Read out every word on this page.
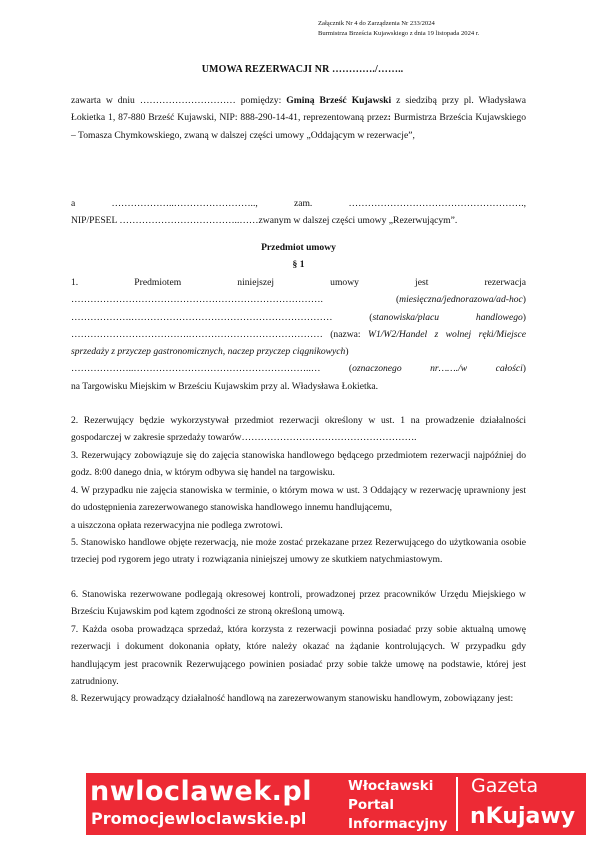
Załącznik Nr 4 do Zarządzenia Nr 233/2024
Burmistrza Brześcia Kujawskiego z dnia 19 listopada 2024 r.
UMOWA REZERWACJI NR …………./……..

zawarta w dniu ………………………… pomiędzy: Gminą Brześć Kujawski z siedzibą przy pl. Władysława Łokietka 1, 87-880 Brześć Kujawski, NIP: 888-290-14-41, reprezentowaną przez: Burmistrza Brześcia Kujawskiego – Tomasza Chymkowskiego, zwaną w dalszej części umowy „Oddającym w rezerwacje”,

a ………………..…………………….., zam. ……………………………………………….,

NIP/PESEL ………………………………..……zwanym w dalszej części umowy „Rezerwującym”.

Przedmiot umowy
§ 1

1. Predmiotem niniejszej umowy jest rezerwacja

……………………………………………………………………. (miesięczna/jednorazowa/ad-hoc)

……………….……………………………………………………… (stanowiska/placu handlowego)

……………………………….…………………………………… (nazwa: W1/W2/Handel z wolnej ręki/Miejsce sprzedaży z przyczep gastronomicznych, naczep przyczep ciągnikowych)

………………..………………………………………………..… (oznaczonego nr……./w całości)

na Targowisku Miejskim w Brześciu Kujawskim przy al. Władysława Łokietka.

2. Rezerwujący będzie wykorzystywał przedmiot rezerwacji określony w ust. 1 na prowadzenie działalności gospodarczej w zakresie sprzedaży towarów……………………………………………….

3. Rezerwujący zobowiązuje się do zajęcia stanowiska handlowego będącego przedmiotem rezerwacji najpóźniej do godz. 8:00 danego dnia, w którym odbywa się handel na targowisku.

4. W przypadku nie zajęcia stanowiska w terminie, o którym mowa w ust. 3 Oddający w rezerwację uprawniony jest do udostępnienia zarezerwowanego stanowiska handlowego innemu handlującemu,

a uiszczona opłata rezerwacyjna nie podlega zwrotowi.

5. Stanowisko handlowe objęte rezerwacją, nie może zostać przekazane przez Rezerwującego do użytkowania osobie trzeciej pod rygorem jego utraty i rozwiązania niniejszej umowy ze skutkiem natychmiastowym.

6. Stanowiska rezerwowane podlegają okresowej kontroli, prowadzonej przez pracowników Urzędu Miejskiego w Brześciu Kujawskim pod kątem zgodności ze stroną określoną umową.

7. Każda osoba prowadząca sprzedaż, która korzysta z rezerwacji powinna posiadać przy sobie aktualną umowę rezerwacji i dokument dokonania opłaty, które należy okazać na żądanie kontrolujących. W przypadku gdy handlującym jest pracownik Rezerwującego powinien posiadać przy sobie także umowę na podstawie, której jest zatrudniony.

8. Rezerwujący prowadzący działalność handlową na zarezerwowanym stanowisku handlowym, zobowiązany jest:

nwloclawek.pl
Promocjewloclawskie.pl
Włocławski
Portal
Informacyjny
Gazeta
nKujawy
